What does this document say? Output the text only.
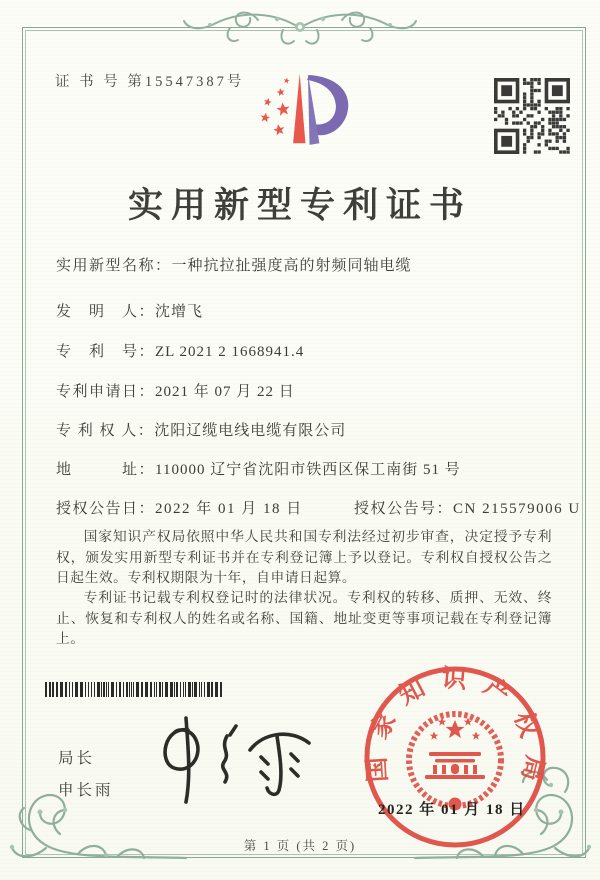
证 书 号 第15547387号
实用新型专利证书
实用新型名称：一种抗拉扯强度高的射频同轴电缆
发　明　人：沈增飞
专　利　号：ZL 2021 2 1668941.4
专利申请日：2021 年 07 月 22 日
专 利 权 人：沈阳辽缆电线电缆有限公司
地　　　址：110000 辽宁省沈阳市铁西区保工南街 51 号
授权公告日：2022 年 01 月 18 日	授权公告号：CN 215579006 U

国家知识产权局依照中华人民共和国专利法经过初步审查，决定授予专利权，颁发实用新型专利证书并在专利登记簿上予以登记。专利权自授权公告之日起生效。专利权期限为十年，自申请日起算。

专利证书记载专利权登记时的法律状况。专利权的转移、质押、无效、终止、恢复和专利权人的姓名或名称、国籍、地址变更等事项记载在专利登记簿上。

局长
申长雨
国家知识产权局
2022 年 01 月 18 日
第 1 页 (共 2 页)
